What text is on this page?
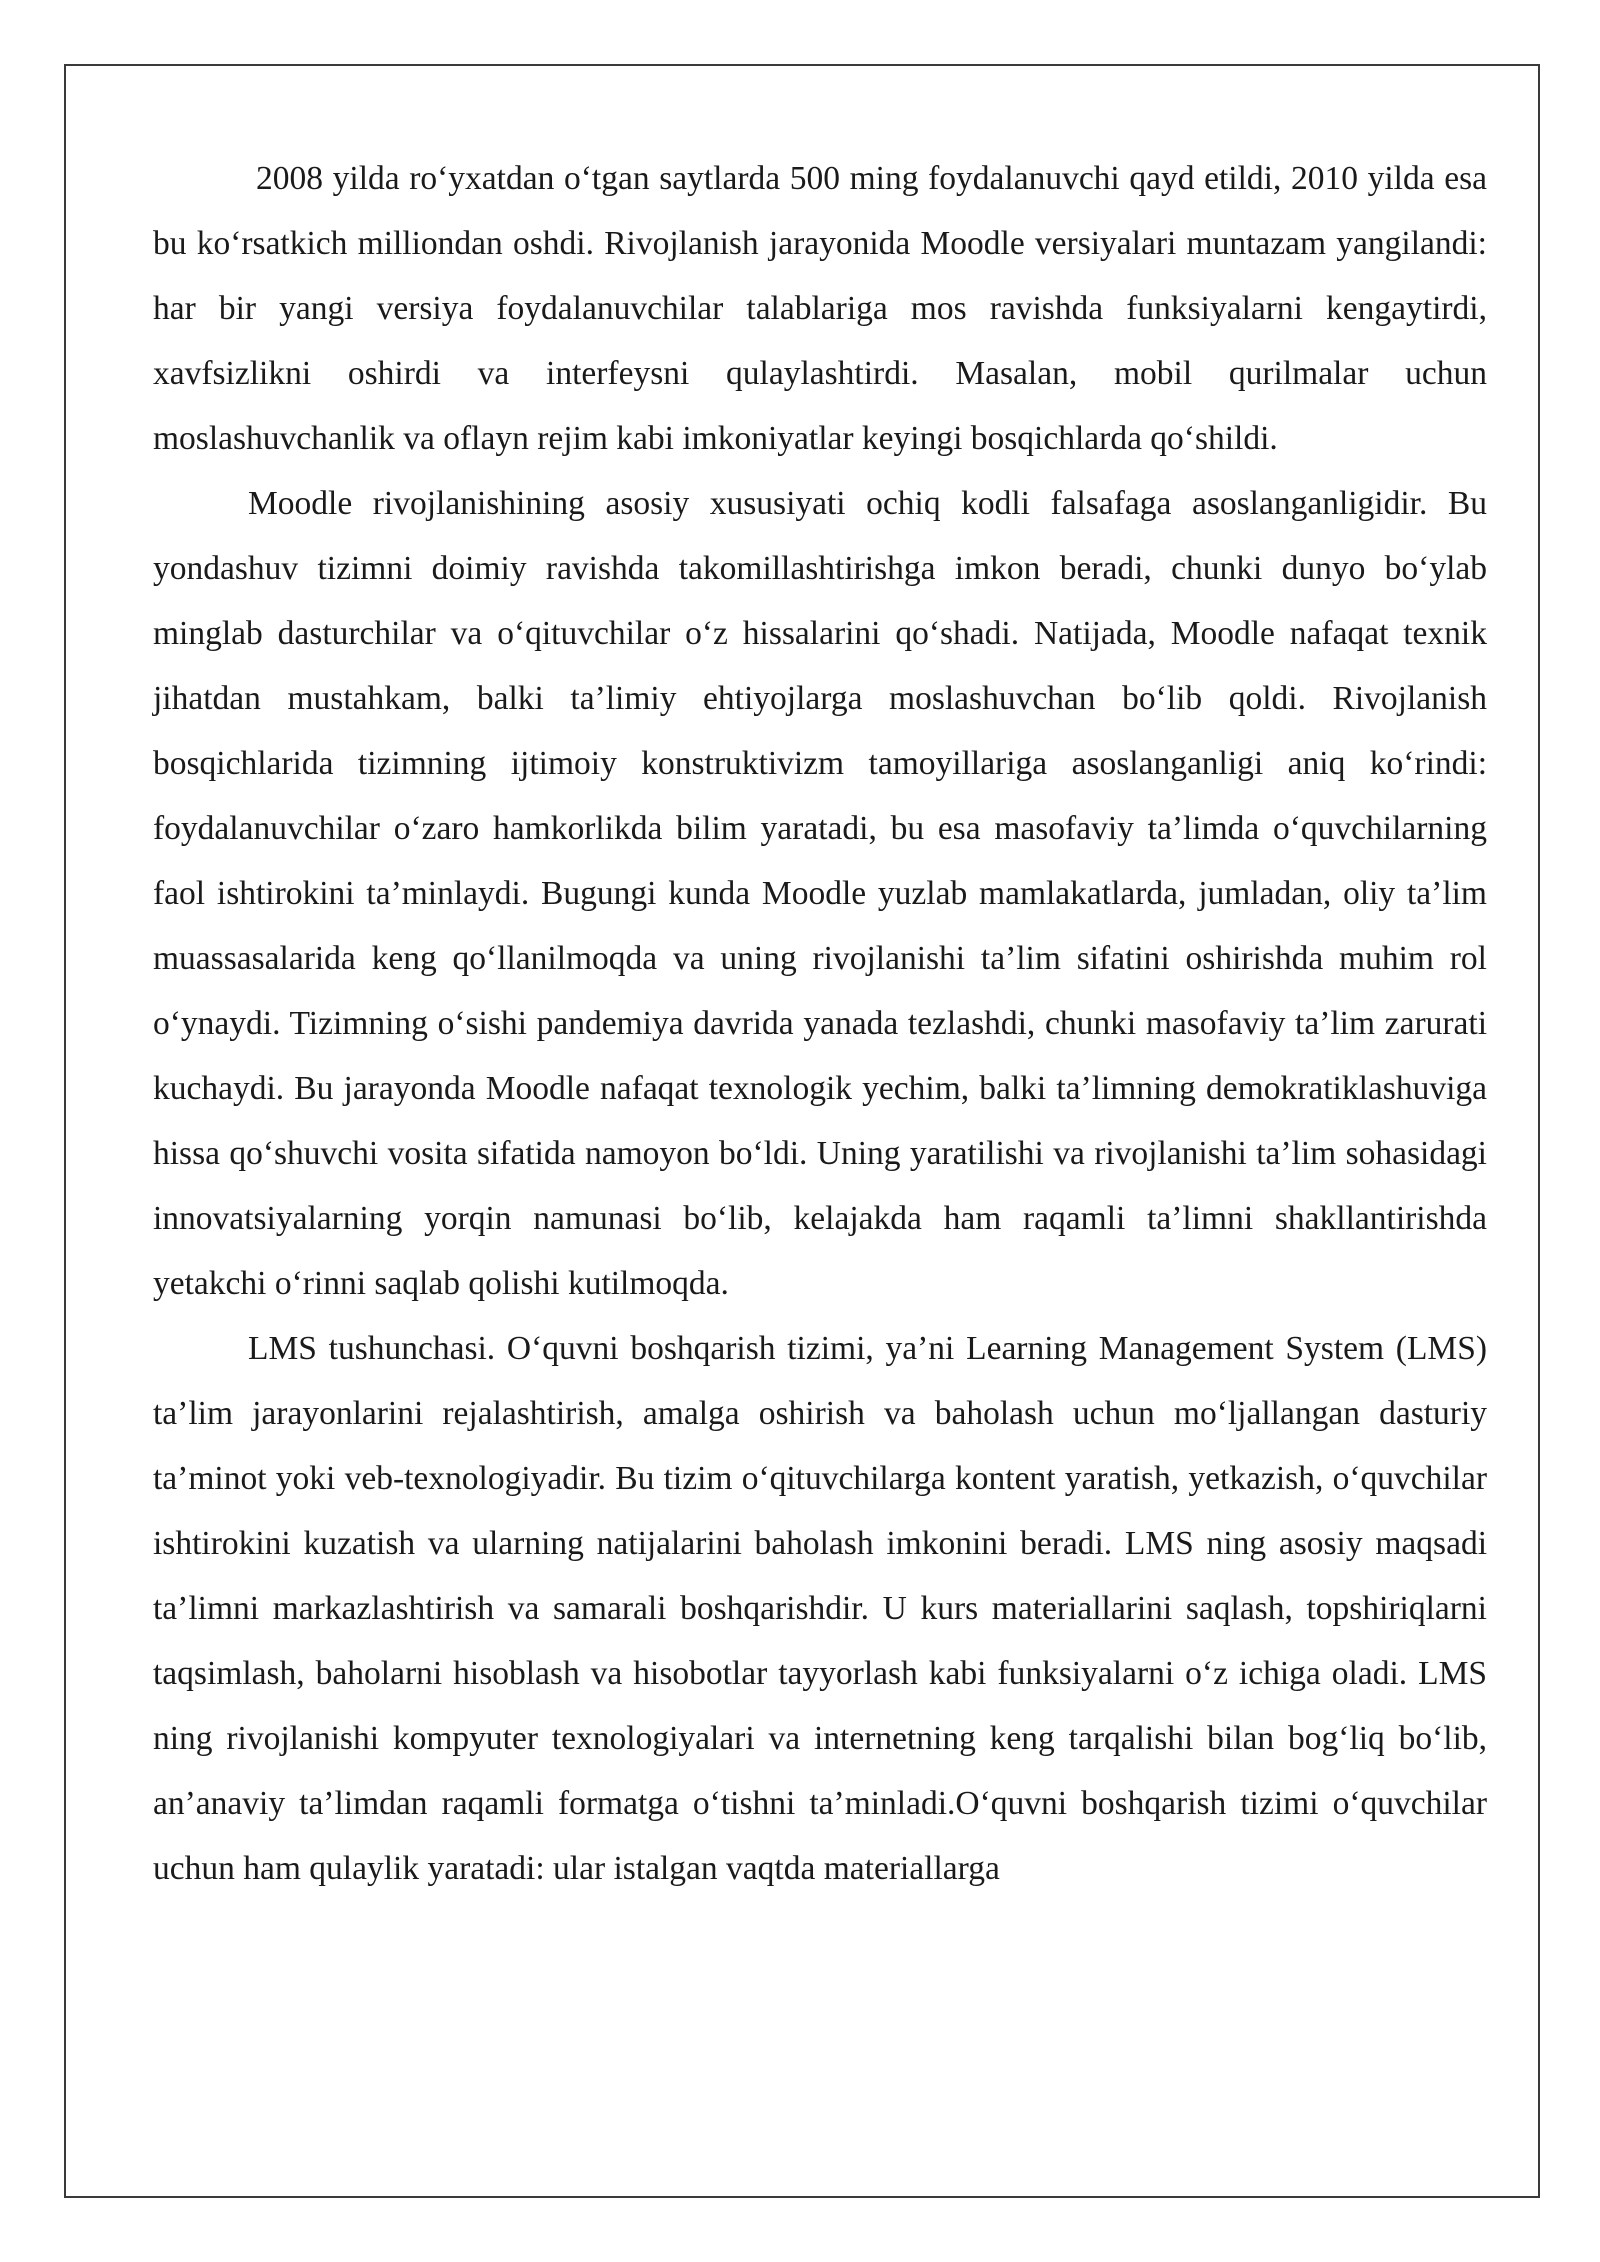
2008 yilda ro‘yxatdan o‘tgan saytlarda 500 ming foydalanuvchi qayd etildi, 2010 yilda esa bu ko‘rsatkich milliondan oshdi. Rivojlanish jarayonida Moodle versiyalari muntazam yangilandi: har bir yangi versiya foydalanuvchilar talablariga mos ravishda funksiyalarni kengaytirdi, xavfsizlikni oshirdi va interfeysni qulaylashtirdi. Masalan, mobil qurilmalar uchun moslashuvchanlik va oflayn rejim kabi imkoniyatlar keyingi bosqichlarda qo‘shildi.

Moodle rivojlanishining asosiy xususiyati ochiq kodli falsafaga asoslanganligidir. Bu yondashuv tizimni doimiy ravishda takomillashtirishga imkon beradi, chunki dunyo bo‘ylab minglab dasturchilar va o‘qituvchilar o‘z hissalarini qo‘shadi. Natijada, Moodle nafaqat texnik jihatdan mustahkam, balki ta’limiy ehtiyojlarga moslashuvchan bo‘lib qoldi. Rivojlanish bosqichlarida tizimning ijtimoiy konstruktivizm tamoyillariga asoslanganligi aniq ko‘rindi: foydalanuvchilar o‘zaro hamkorlikda bilim yaratadi, bu esa masofaviy ta’limda o‘quvchilarning faol ishtirokini ta’minlaydi. Bugungi kunda Moodle yuzlab mamlakatlarda, jumladan, oliy ta’lim muassasalarida keng qo‘llanilmoqda va uning rivojlanishi ta’lim sifatini oshirishda muhim rol o‘ynaydi. Tizimning o‘sishi pandemiya davrida yanada tezlashdi, chunki masofaviy ta’lim zarurati kuchaydi. Bu jarayonda Moodle nafaqat texnologik yechim, balki ta’limning demokratiklashuviga hissa qo‘shuvchi vosita sifatida namoyon bo‘ldi. Uning yaratilishi va rivojlanishi ta’lim sohasidagi innovatsiyalarning yorqin namunasi bo‘lib, kelajakda ham raqamli ta’limni shakllantirishda yetakchi o‘rinni saqlab qolishi kutilmoqda.

LMS tushunchasi. O‘quvni boshqarish tizimi, ya’ni Learning Management System (LMS) ta’lim jarayonlarini rejalashtirish, amalga oshirish va baholash uchun mo‘ljallangan dasturiy ta’minot yoki veb-texnologiyadir. Bu tizim o‘qituvchilarga kontent yaratish, yetkazish, o‘quvchilar ishtirokini kuzatish va ularning natijalarini baholash imkonini beradi. LMS ning asosiy maqsadi ta’limni markazlashtirish va samarali boshqarishdir. U kurs materiallarini saqlash, topshiriqlarni taqsimlash, baholarni hisoblash va hisobotlar tayyorlash kabi funksiyalarni o‘z ichiga oladi. LMS ning rivojlanishi kompyuter texnologiyalari va internetning keng tarqalishi bilan bog‘liq bo‘lib, an’anaviy ta’limdan raqamli formatga o‘tishni ta’minladi.O‘quvni boshqarish tizimi o‘quvchilar uchun ham qulaylik yaratadi: ular istalgan vaqtda materiallarga
